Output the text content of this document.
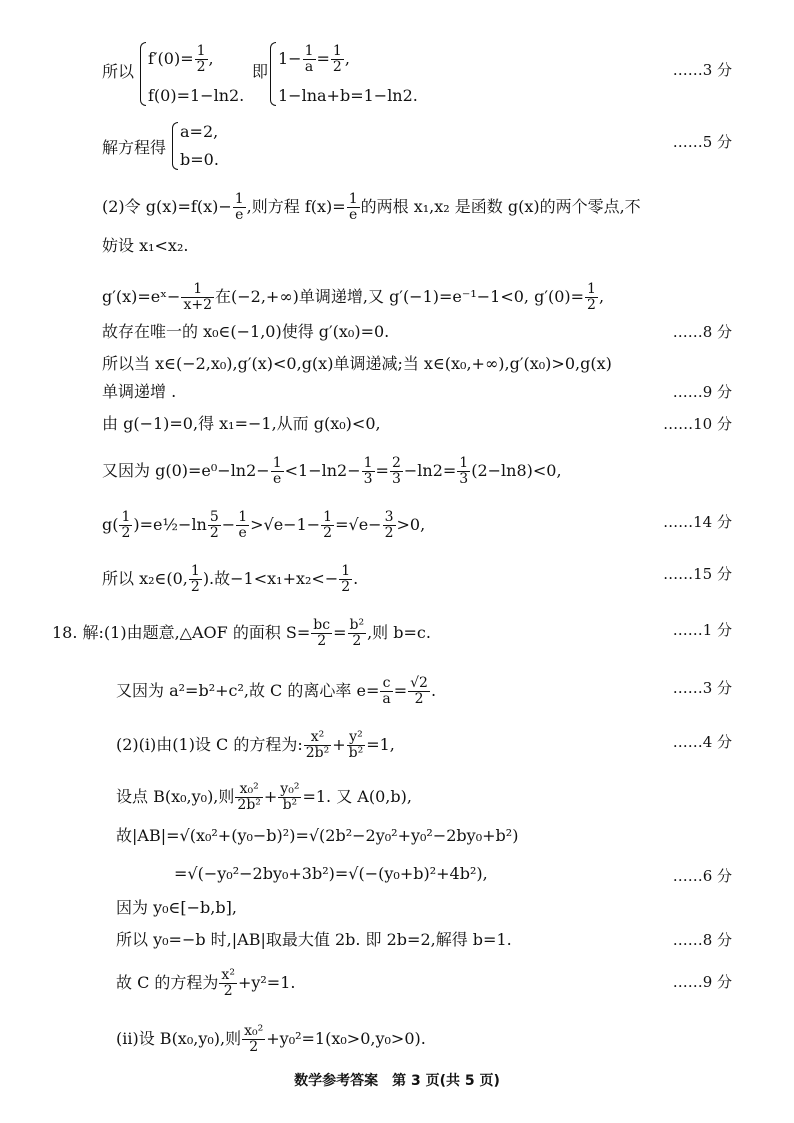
所以
$f'(0)= \frac{1}{2}$ ,
f(0)=1−ln2.
即
$1- \frac{1}{a} = \frac{1}{2}$ ,
1−lna+b=1−ln2.
……3 分
解方程得
a=2,
b=0.
……5 分
(2)令 $g(x)=f(x)- \frac{1}{e}$ ,则方程 $f(x)= \frac{1}{e}$ 的两根 x₁,x₂ 是函数 g(x)的两个零点,不
妨设 x₁<x₂.
g′(x)=eˣ− $\frac{1}{x+2}$ 在(−2,+∞)单调递增,又 g′(−1)=e⁻¹−1<0, $g'(0)= \frac{1}{2}$ ,
故存在唯一的 x₀∈(−1,0)使得 g′(x₀)=0.	……8 分
所以当 x∈(−2,x₀),g′(x)<0,g(x)单调递减;当 x∈(x₀,+∞),g′(x₀)>0,g(x)
单调递增 .	……9 分
由 g(−1)=0,得 x₁=−1,从而 g(x₀)<0,	……10 分
又因为 $g(0)=e^0-\ln 2- \frac{1}{e} <1-\ln 2- \frac{1}{3} = \frac{2}{3} -\ln 2= \frac{1}{3} (2-\ln 8)<0$,
$g( \frac{1}{2}$ )=e½−ln $\frac{5}{2} - \frac{1}{e} >√e-1- \frac{1}{2} =√e- \frac{3}{2} >0$,	……14 分
所以 x₂∈(0, $\frac{1}{2}$ ).故$-1<x_1+x_2<- \frac{1}{2}$ .	……15 分
18. 解:(1)由题意,△AOF 的面积 $S= \frac{bc}{2} = \frac{\text{b²}}{2}$ ,则 b=c.	……1 分
又因为 a²=b²+c²,故 C 的离心率 $e= \frac{c}{a} = \frac{√2}{2}$ .	……3 分
(2)(i)由(1)设 C 的方程为: $\frac{\text{x²}}{\text{2b²}} + \frac{\text{y²}}{\text{b²}} =1$,	……4 分
设点 B(x₀,y₀),则 $\frac{\text{x₀²}}{\text{2b²}} + \frac{\text{y₀²}}{\text{b²}} =1$. 又 A(0,b),
故|AB|=√(x₀²+(y₀−b)²)=√(2b²−2y₀²+y₀²−2by₀+b²)
=√(−y₀²−2by₀+3b²)=√(−(y₀+b)²+4b²),	……6 分
因为 y₀∈[−b,b],
所以 y₀=−b 时,|AB|取最大值 2b. 即 2b=2,解得 b=1.	……8 分
故 C 的方程为 $\frac{\text{x²}}{2} +y^2=1$.	……9 分
(ii)设 B(x₀,y₀),则 $\frac{\text{x₀²}}{2} +y_0^2=1(x_0>0,y_0>0)$.
数学参考答案　第 3 页(共 5 页)
